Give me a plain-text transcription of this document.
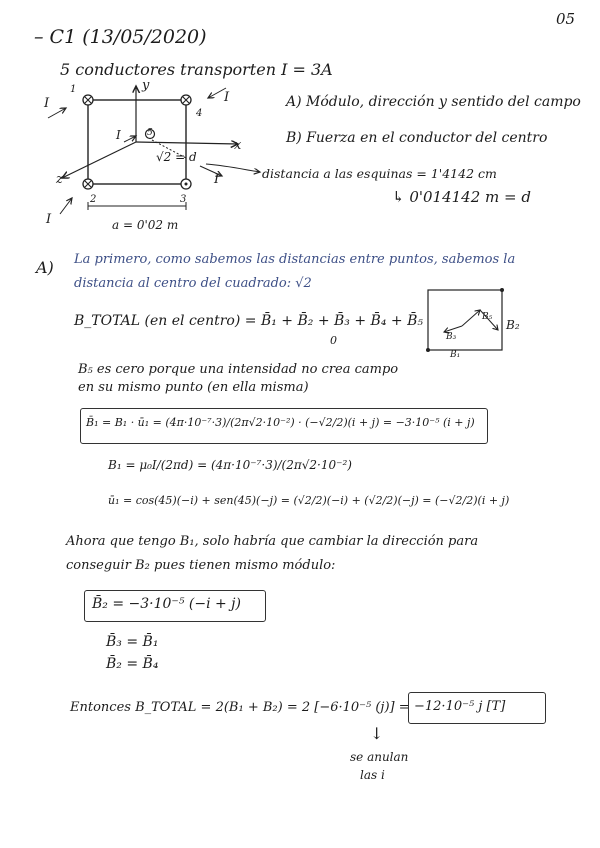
– C1 (13/05/2020)
05
5 conductores transporten I = 3A
A) Módulo, dirección y sentido del campo
B) Fuerza en el conductor del centro
I
1
I
4
y
x
z
I	5
√2 = d
2	3
I
I
a = 0'02 m
distancia a las esquinas = 1'4142 cm
↳ 0'014142 m = d
A) La primero, como sabemos las distancias entre puntos, sabemos la
distancia al centro del cuadrado: √2
B_TOTAL (en el centro) = B̄₁ + B̄₂ + B̄₃ + B̄₄ + B̄₅
0	B₃
B₅
B₂
B₁
B₅ es cero porque una intensidad no crea campo
en su mismo punto (en ella misma)
B̄₁ = B₁ · ū₁ = (4π·10⁻⁷·3)/(2π√2·10⁻²) · (−√2/2)(i + j) = −3·10⁻⁵ (i + j)
B₁ = μ₀I/(2πd) = (4π·10⁻⁷·3)/(2π√2·10⁻²)
ū₁ = cos(45)(−i) + sen(45)(−j) = (√2/2)(−i) + (√2/2)(−j) = (−√2/2)(i + j)
Ahora que tengo B₁, solo habría que cambiar la dirección para
conseguir B₂ pues tienen mismo módulo:
B̄₂ = −3·10⁻⁵ (−i + j)
B̄₃ = B̄₁
B̄₂ = B̄₄
Entonces B_TOTAL = 2(B₁ + B₂) = 2 [−6·10⁻⁵ (j)] = −12·10⁻⁵ j [T]
↓
se anulan
las i
